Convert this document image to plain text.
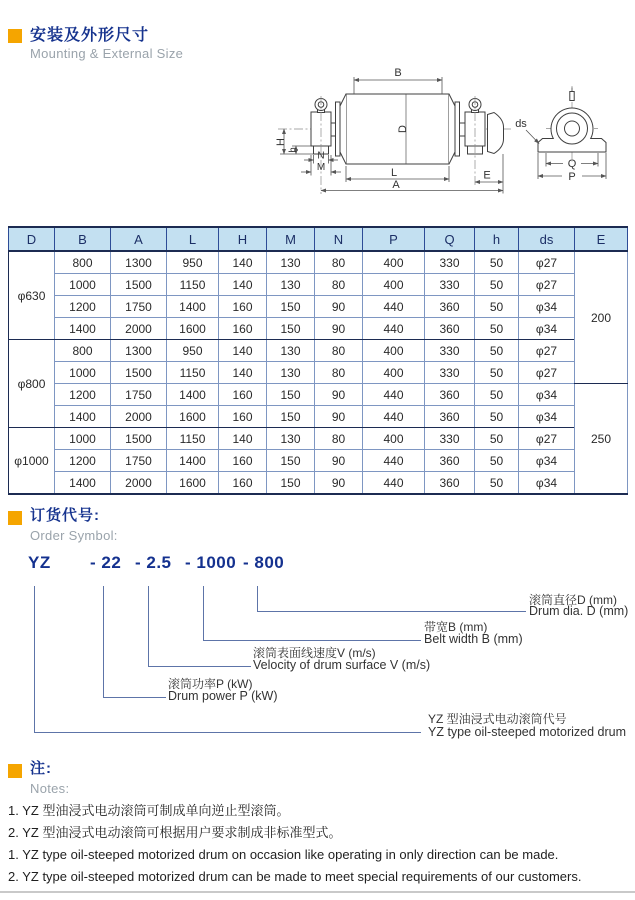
安装及外形尺寸
Mounting & External Size
B
D
L
A
E
H
h
N
M
ds
Q
P
D	B	A	L	H	M	N	P	Q	h	ds	E
φ630	800	1300	950	140	130	80	400	330	50	φ27	200
	1000	1500	1150	140	130	80	400	330	50	φ27	
	1200	1750	1400	160	150	90	440	360	50	φ34	
	1400	2000	1600	160	150	90	440	360	50	φ34	
φ800	800	1300	950	140	130	80	400	330	50	φ27	
	1000	1500	1150	140	130	80	400	330	50	φ27	
	1200	1750	1400	160	150	90	440	360	50	φ34	250
	1400	2000	1600	160	150	90	440	360	50	φ34	
φ1000	1000	1500	1150	140	130	80	400	330	50	φ27	
	1200	1750	1400	160	150	90	440	360	50	φ34	
	1400	2000	1600	160	150	90	440	360	50	φ34	
订货代号:
Order Symbol:
YZ - 22 - 2.5 - 1000 - 800
滚筒直径D (mm)
Drum dia. D (mm)
带宽B (mm)
Belt width B (mm)
滚筒表面线速度V (m/s)
Velocity of drum surface V (m/s)
滚筒功率P (kW)
Drum power P (kW)
YZ 型油浸式电动滚筒代号
YZ type oil-steeped motorized drum
注:
Notes:
1. YZ 型油浸式电动滚筒可制成单向逆止型滚筒。
2. YZ 型油浸式电动滚筒可根据用户要求制成非标准型式。
1. YZ type oil-steeped motorized drum on occasion like operating in only direction can be made.
2. YZ type oil-steeped motorized drum can be made to meet special requirements of our customers.
